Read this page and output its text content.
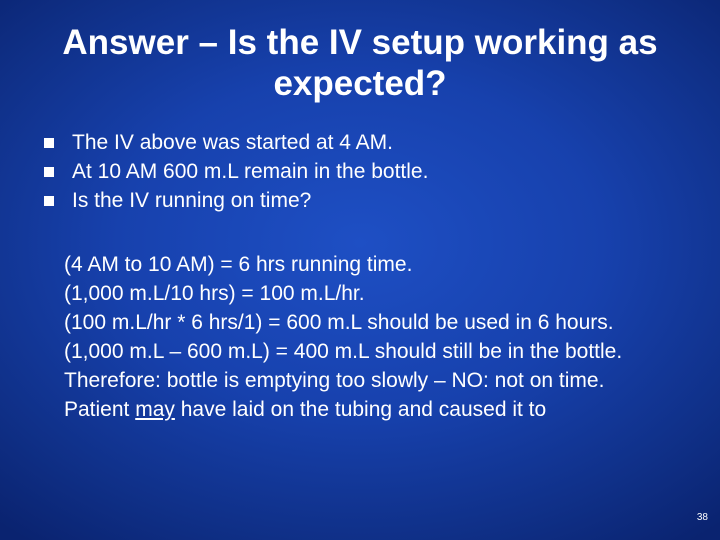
Answer – Is the IV setup working as expected?
The IV above was started at 4 AM.
At 10 AM 600 m.L remain in the bottle.
Is the IV running on time?
(4 AM to 10 AM) = 6 hrs running time.
(1,000 m.L/10 hrs) = 100 m.L/hr.
(100 m.L/hr * 6 hrs/1) = 600 m.L should be used in 6 hours.
(1,000 m.L – 600 m.L) = 400 m.L should still be in the bottle.
Therefore: bottle is emptying too slowly – NO: not on time.
Patient may have laid on the tubing and caused it to
38
